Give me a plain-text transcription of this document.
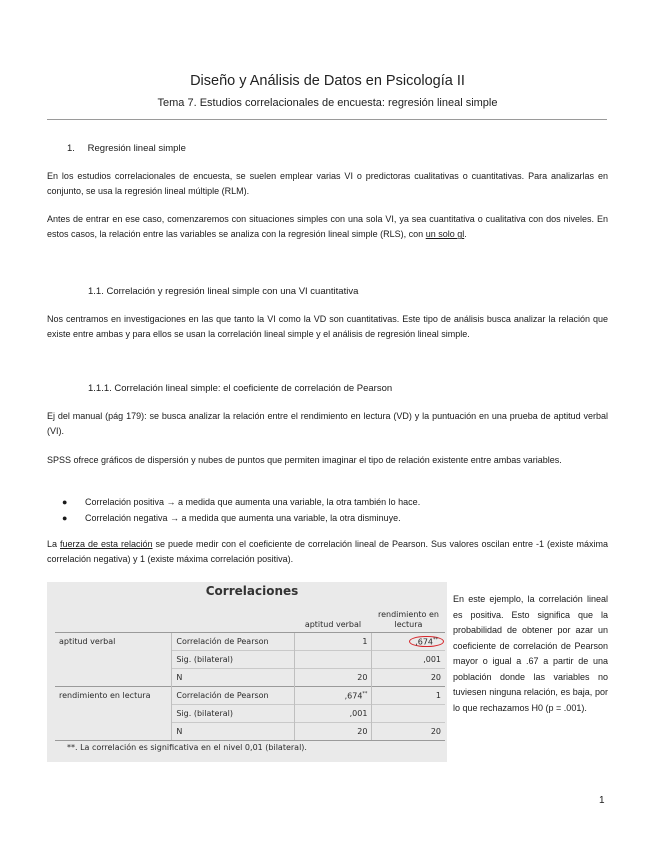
Diseño y Análisis de Datos en Psicología II
Tema 7. Estudios correlacionales de encuesta: regresión lineal simple
1. Regresión lineal simple
En los estudios correlacionales de encuesta, se suelen emplear varias VI o predictoras cualitativas o cuantitativas. Para analizarlas en conjunto, se usa la regresión lineal múltiple (RLM).
Antes de entrar en ese caso, comenzaremos con situaciones simples con una sola VI, ya sea cuantitativa o cualitativa con dos niveles. En estos casos, la relación entre las variables se analiza con la regresión lineal simple (RLS), con un solo gl.
1.1. Correlación y regresión lineal simple con una VI cuantitativa
Nos centramos en investigaciones en las que tanto la VI como la VD son cuantitativas. Este tipo de análisis busca analizar la relación que existe entre ambas y para ellos se usan la correlación lineal simple y el análisis de regresión lineal simple.
1.1.1. Correlación lineal simple: el coeficiente de correlación de Pearson
Ej del manual (pág 179): se busca analizar la relación entre el rendimiento en lectura (VD) y la puntuación en una prueba de aptitud verbal (VI).
SPSS ofrece gráficos de dispersión y nubes de puntos que permiten imaginar el tipo de relación existente entre ambas variables.
●	Correlación positiva → a medida que aumenta una variable, la otra también lo hace.
●	Correlación negativa → a medida que aumenta una variable, la otra disminuye.
La fuerza de esta relación se puede medir con el coeficiente de correlación lineal de Pearson. Sus valores oscilan entre -1 (existe máxima correlación negativa) y 1 (existe máxima correlación positiva).
Correlaciones
		aptitud verbal	rendimiento en lectura
aptitud verbal	Correlación de Pearson	1	,674**
	Sig. (bilateral)		,001
	N	20	20
rendimiento en lectura	Correlación de Pearson	,674**	1
	Sig. (bilateral)	,001	
	N	20	20
**. La correlación es significativa en el nivel 0,01 (bilateral).
En este ejemplo, la correlación lineal es positiva. Esto significa que la probabilidad de obtener por azar un coeficiente de correlación de Pearson mayor o igual a .67 a partir de una población donde las variables no tuviesen ninguna relación, es baja, por lo que rechazamos H0 (p = .001).
1
